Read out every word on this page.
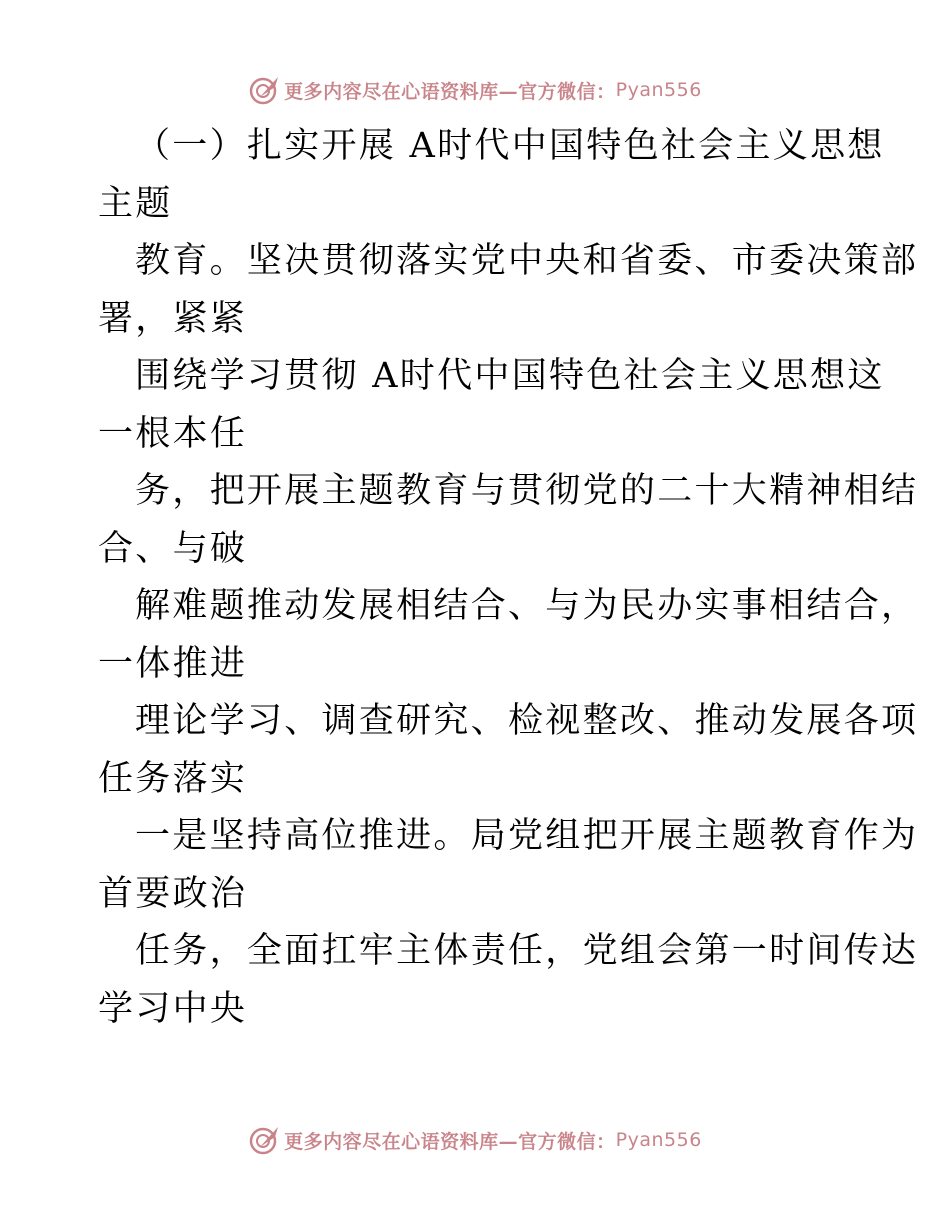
更多内容尽在心语资料库—官方微信： Pyan556

（一）扎实开展 A时代中国特色社会主义思想
主题

教育。坚决贯彻落实党中央和省委、市委决策部
署，紧紧

围绕学习贯彻 A时代中国特色社会主义思想这
一根本任

务，把开展主题教育与贯彻党的二十大精神相结
合、与破

解难题推动发展相结合、与为民办实事相结合，
一体推进

理论学习、调查研究、检视整改、推动发展各项
任务落实

一是坚持高位推进。局党组把开展主题教育作为
首要政治

任务，全面扛牢主体责任，党组会第一时间传达
学习中央

更多内容尽在心语资料库—官方微信： Pyan556
